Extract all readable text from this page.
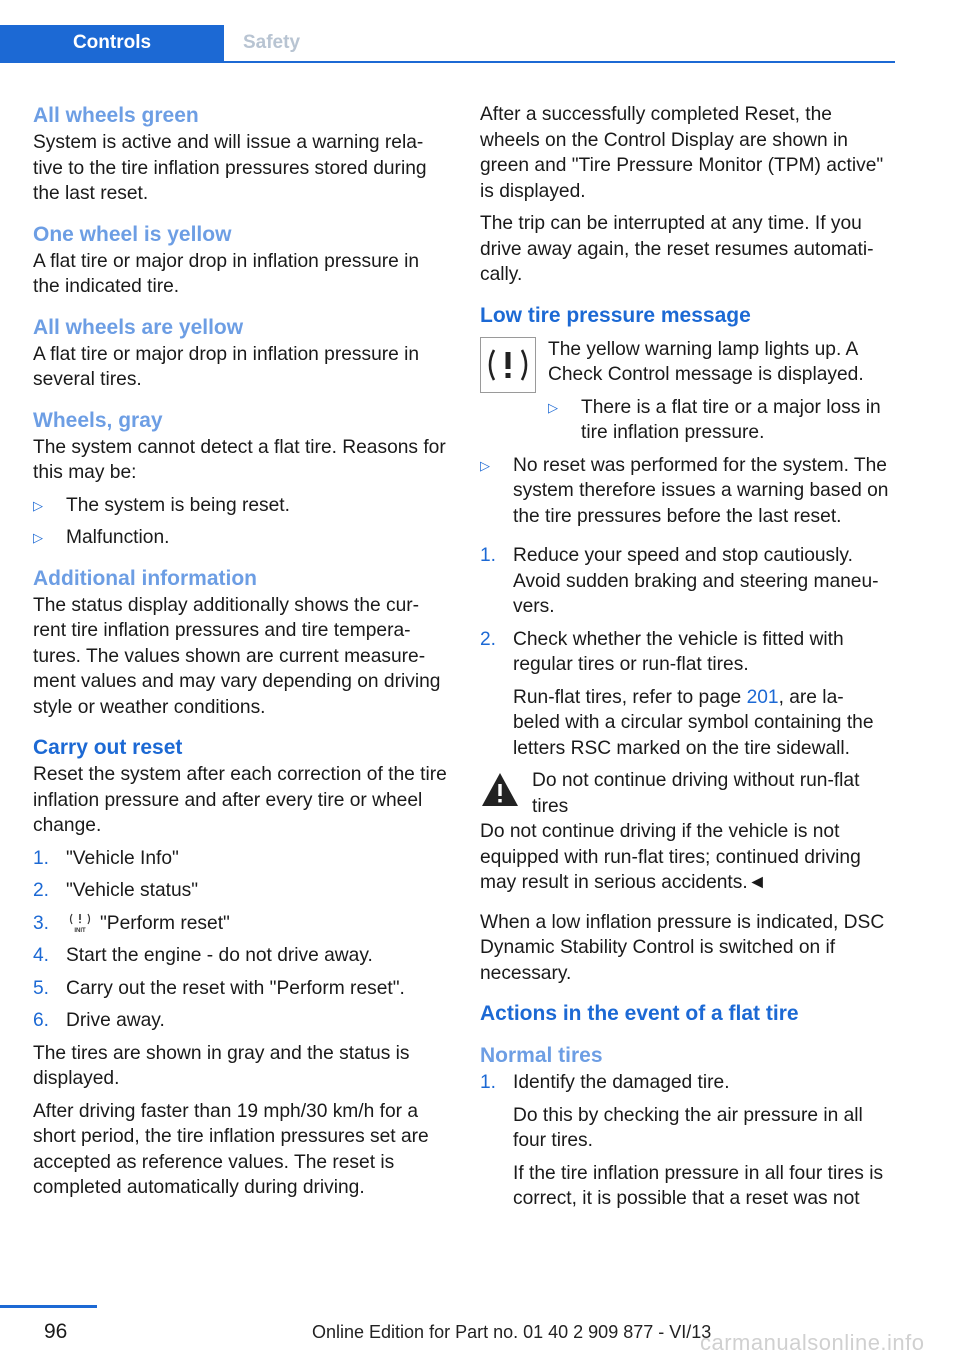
Controls	Safety
All wheels green

System is active and will issue a warning rela- tive to the tire inflation pressures stored during the last reset.

One wheel is yellow

A flat tire or major drop in inflation pressure in the indicated tire.

All wheels are yellow

A flat tire or major drop in inflation pressure in several tires.

Wheels, gray

The system cannot detect a flat tire. Reasons for this may be:

▷	The system is being reset.
▷	Malfunction.
Additional information

The status display additionally shows the cur- rent tire inflation pressures and tire tempera- tures. The values shown are current measure- ment values and may vary depending on driving style or weather conditions.

Carry out reset

Reset the system after each correction of the tire inflation pressure and after every tire or wheel change.

1. "Vehicle Info"
2. "Vehicle status"
3.	INIT "Perform reset"
4. Start the engine - do not drive away.
5. Carry out the reset with "Perform reset".
6. Drive away.

The tires are shown in gray and the status is displayed.

After driving faster than 19 mph/30 km/h for a short period, the tire inflation pressures set are accepted as reference values. The reset is completed automatically during driving.

After a successfully completed Reset, the wheels on the Control Display are shown in green and "Tire Pressure Monitor (TPM) active" is displayed.

The trip can be interrupted at any time. If you drive away again, the reset resumes automati- cally.

Low tire pressure message

The yellow warning lamp lights up. A Check Control message is displayed.

▷	There is a flat tire or a major loss in tire inflation pressure.
▷	No reset was performed for the system. The system therefore issues a warning based on the tire pressures before the last reset.
1. Reduce your speed and stop cautiously. Avoid sudden braking and steering maneu- vers.
2. Check whether the vehicle is fitted with regular tires or run-flat tires.

Run-flat tires, refer to page 201, are la- beled with a circular symbol containing the letters RSC marked on the tire sidewall.

Do not continue driving without run-flat tires

Do not continue driving if the vehicle is not equipped with run-flat tires; continued driving may result in serious accidents.◄

When a low inflation pressure is indicated, DSC Dynamic Stability Control is switched on if necessary.

Actions in the event of a flat tire
Normal tires
1. Identify the damaged tire.

Do this by checking the air pressure in all four tires.

If the tire inflation pressure in all four tires is correct, it is possible that a reset was not

96	Online Edition for Part no. 01 40 2 909 877 - VI/13
carmanualsonline.info
